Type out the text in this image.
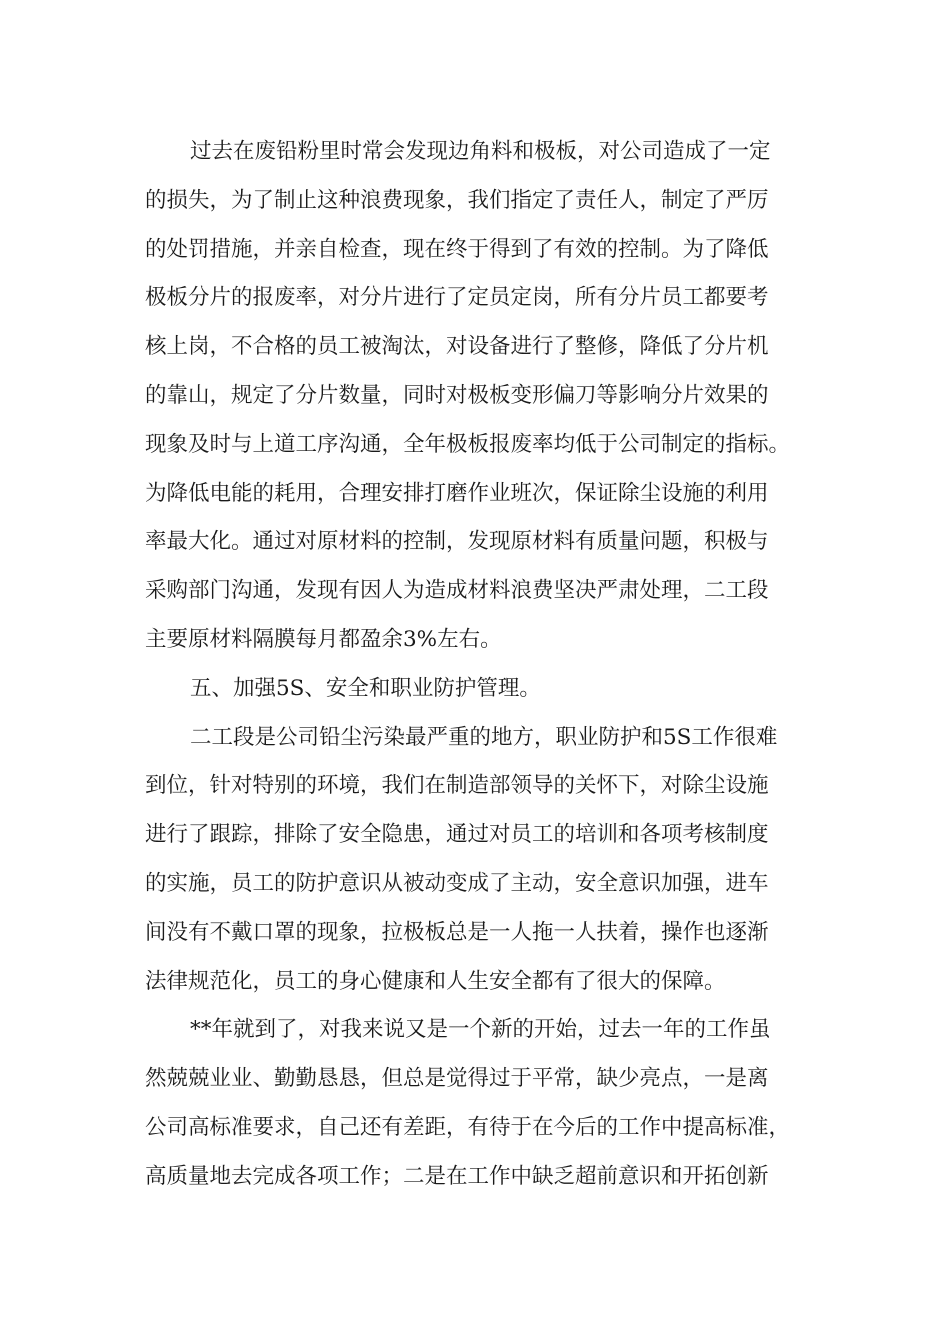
过去在废铅粉里时常会发现边角料和极板，对公司造成了一定
的损失，为了制止这种浪费现象，我们指定了责任人，制定了严厉
的处罚措施，并亲自检查，现在终于得到了有效的控制。为了降低
极板分片的报废率，对分片进行了定员定岗，所有分片员工都要考
核上岗，不合格的员工被淘汰，对设备进行了整修，降低了分片机
的靠山，规定了分片数量，同时对极板变形偏刀等影响分片效果的
现象及时与上道工序沟通，全年极板报废率均低于公司制定的指标。
为降低电能的耗用，合理安排打磨作业班次，保证除尘设施的利用
率最大化。通过对原材料的控制，发现原材料有质量问题，积极与
采购部门沟通，发现有因人为造成材料浪费坚决严肃处理，二工段
主要原材料隔膜每月都盈余3%左右。
五、加强5S、安全和职业防护管理。
二工段是公司铅尘污染最严重的地方，职业防护和5S工作很难
到位，针对特别的环境，我们在制造部领导的关怀下，对除尘设施
进行了跟踪，排除了安全隐患，通过对员工的培训和各项考核制度
的实施，员工的防护意识从被动变成了主动，安全意识加强，进车
间没有不戴口罩的现象，拉极板总是一人拖一人扶着，操作也逐渐
法律规范化，员工的身心健康和人生安全都有了很大的保障。
**年就到了，对我来说又是一个新的开始，过去一年的工作虽
然兢兢业业、勤勤恳恳，但总是觉得过于平常，缺少亮点，一是离
公司高标准要求，自己还有差距，有待于在今后的工作中提高标准，
高质量地去完成各项工作；二是在工作中缺乏超前意识和开拓创新
